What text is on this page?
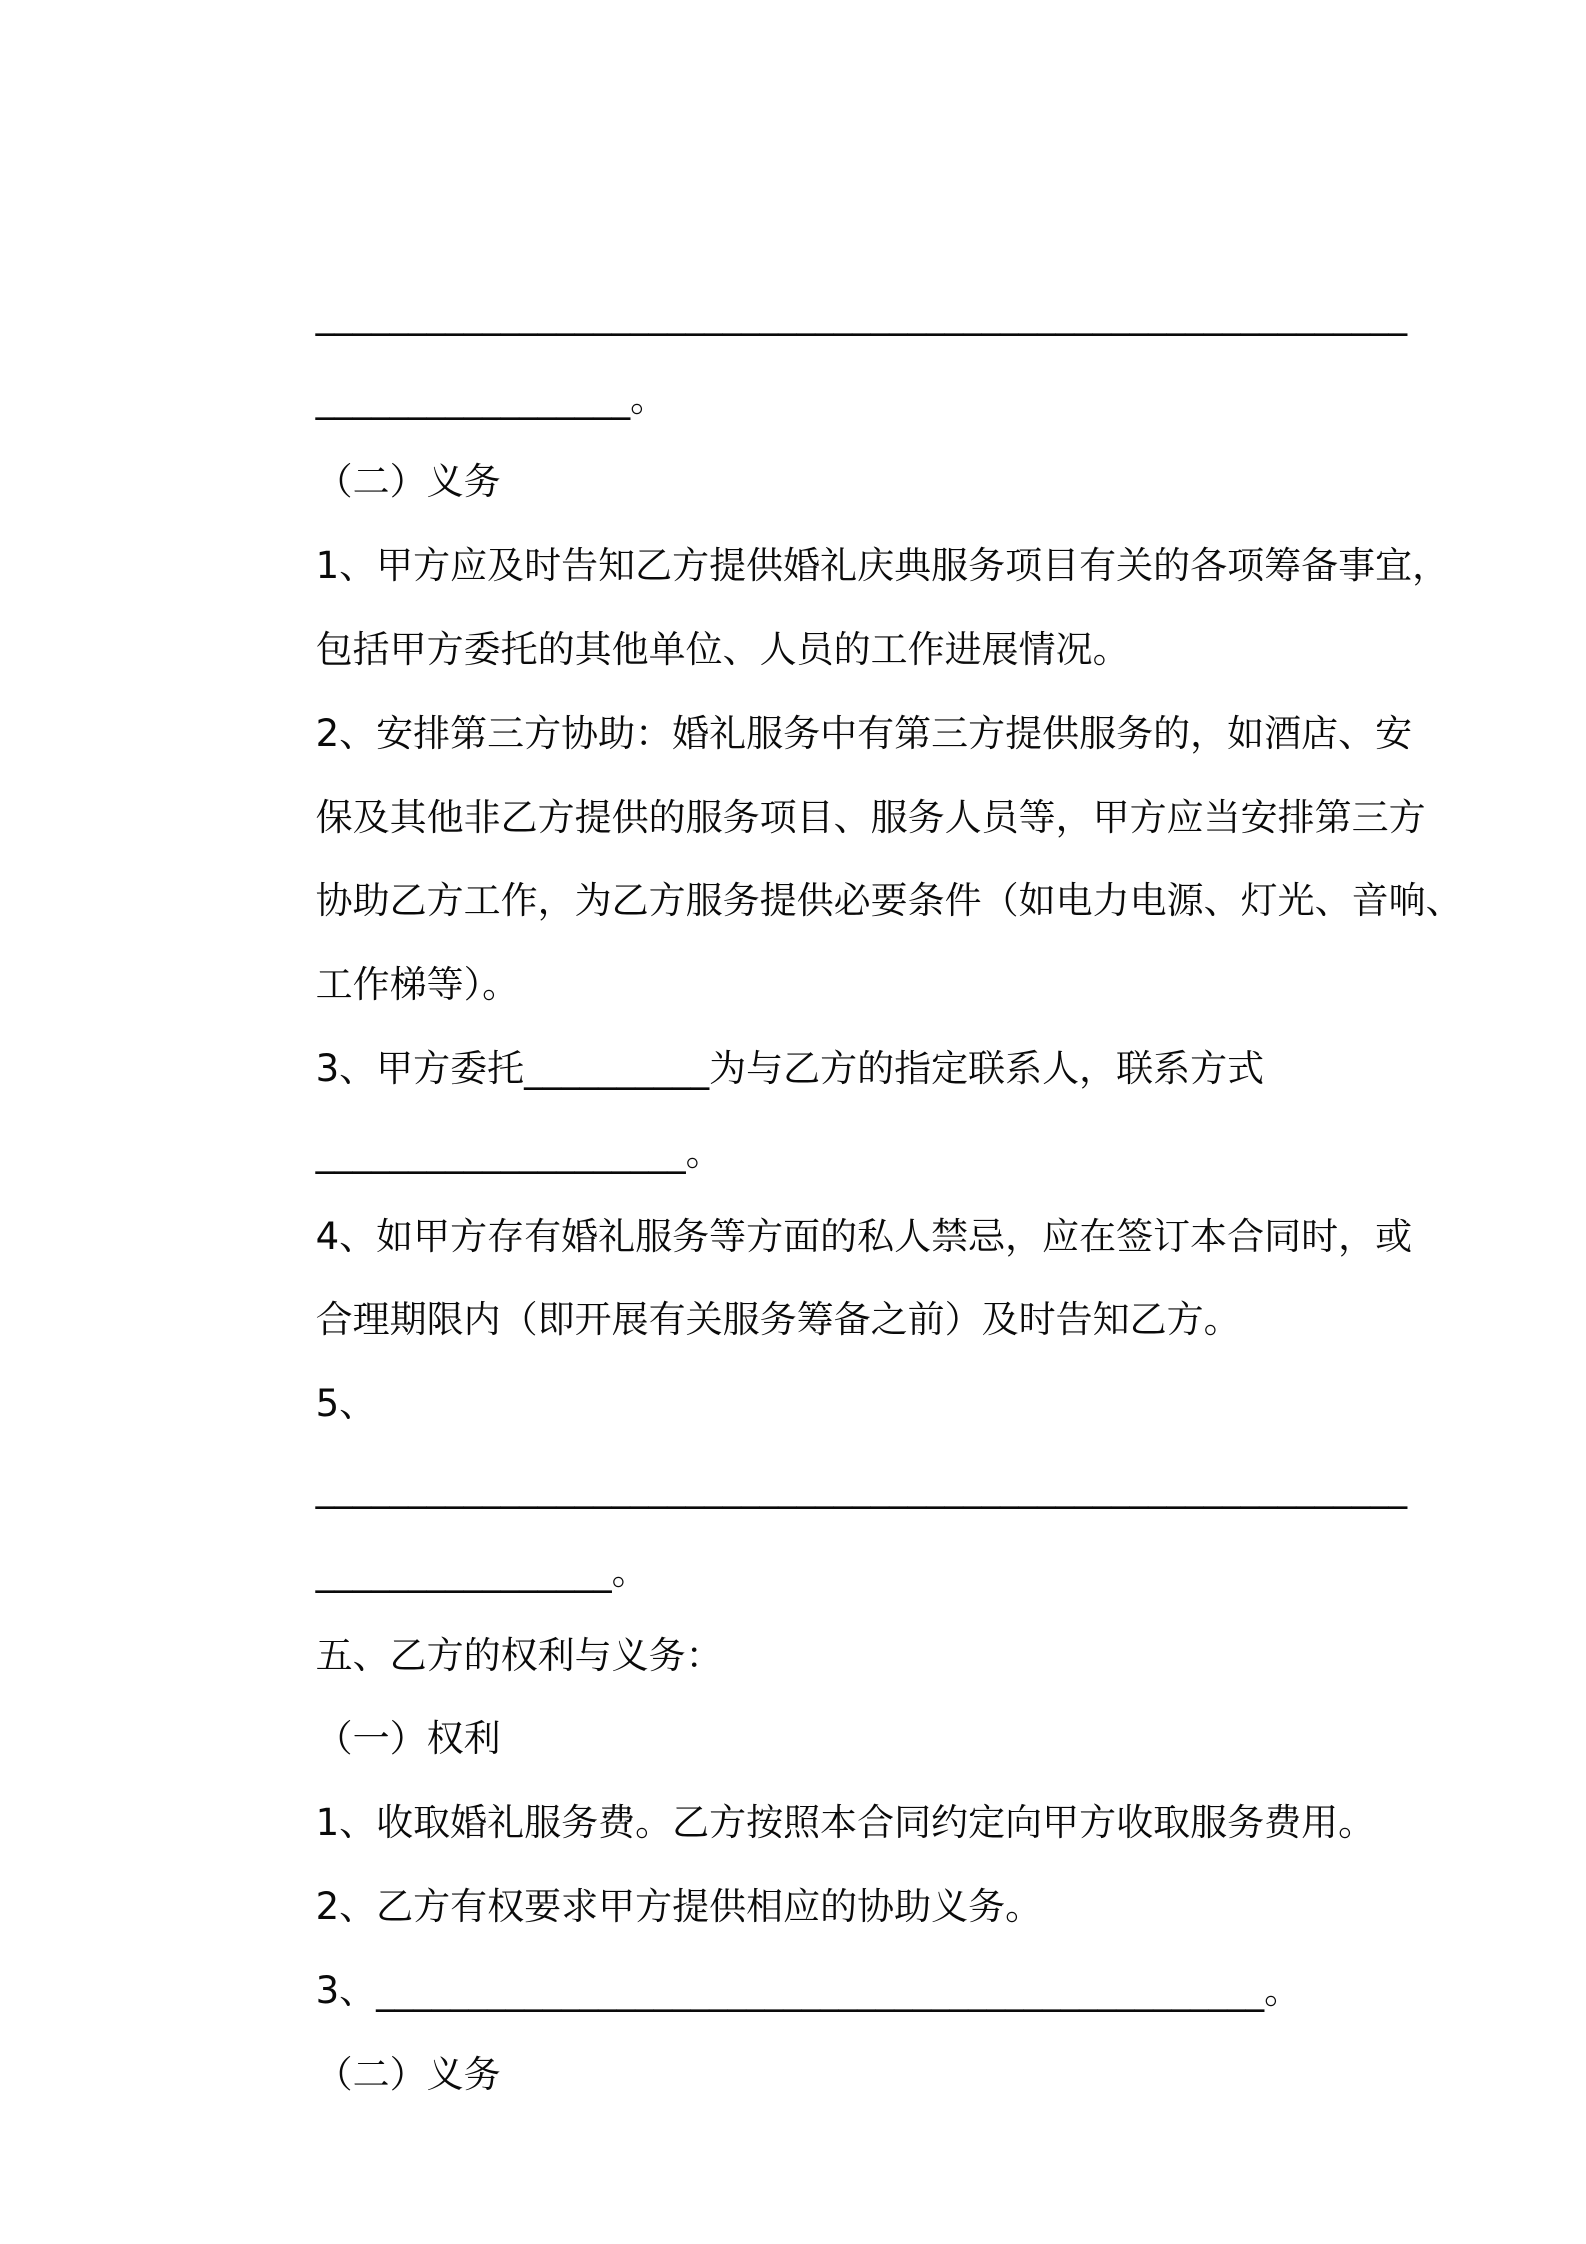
___________________________________________________________

_________________。

（二）义务

1、甲方应及时告知乙方提供婚礼庆典服务项目有关的各项筹备事宜，

包括甲方委托的其他单位、人员的工作进展情况。

2、安排第三方协助：婚礼服务中有第三方提供服务的，如酒店、安

保及其他非乙方提供的服务项目、服务人员等，甲方应当安排第三方

协助乙方工作，为乙方服务提供必要条件（如电力电源、灯光、音响、

工作梯等）。

3、甲方委托__________为与乙方的指定联系人，联系方式

____________________。

4、如甲方存有婚礼服务等方面的私人禁忌，应在签订本合同时，或

合理期限内（即开展有关服务筹备之前）及时告知乙方。

5、

___________________________________________________________

________________。

五、乙方的权利与义务：

（一）权利

1、收取婚礼服务费。乙方按照本合同约定向甲方收取服务费用。

2、乙方有权要求甲方提供相应的协助义务。

3、________________________________________________。

（二）义务
